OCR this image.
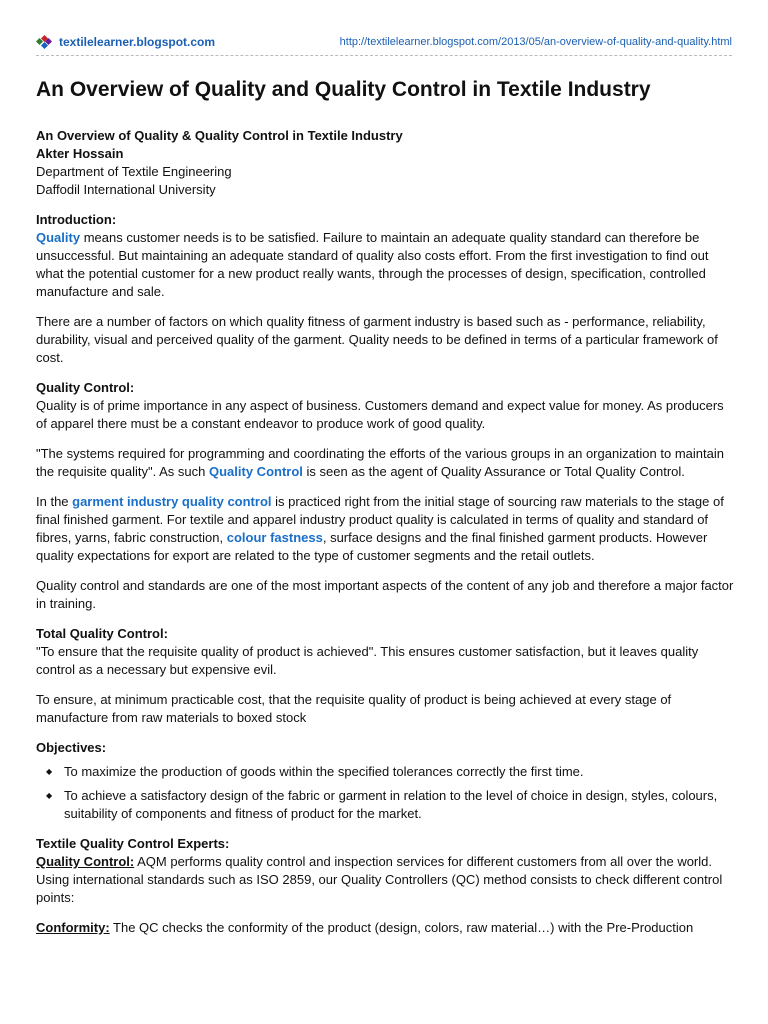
textilelearner.blogspot.com	http://textilelearner.blogspot.com/2013/05/an-overview-of-quality-and-quality.html
An Overview of Quality and Quality Control in Textile Industry

An Overview of Quality & Quality Control in Textile Industry
Akter Hossain
Department of Textile Engineering
Daffodil International University

Introduction:
Quality means customer needs is to be satisfied. Failure to maintain an adequate quality standard can therefore be unsuccessful. But maintaining an adequate standard of quality also costs effort. From the first investigation to find out what the potential customer for a new product really wants, through the processes of design, specification, controlled manufacture and sale.

There are a number of factors on which quality fitness of garment industry is based such as - performance, reliability, durability, visual and perceived quality of the garment. Quality needs to be defined in terms of a particular framework of cost.

Quality Control:
Quality is of prime importance in any aspect of business. Customers demand and expect value for money. As producers of apparel there must be a constant endeavor to produce work of good quality.

"The systems required for programming and coordinating the efforts of the various groups in an organization to maintain the requisite quality". As such Quality Control is seen as the agent of Quality Assurance or Total Quality Control.

In the garment industry quality control is practiced right from the initial stage of sourcing raw materials to the stage of final finished garment. For textile and apparel industry product quality is calculated in terms of quality and standard of fibres, yarns, fabric construction, colour fastness, surface designs and the final finished garment products. However quality expectations for export are related to the type of customer segments and the retail outlets.

Quality control and standards are one of the most important aspects of the content of any job and therefore a major factor in training.

Total Quality Control:
"To ensure that the requisite quality of product is achieved". This ensures customer satisfaction, but it leaves quality control as a necessary but expensive evil.

To ensure, at minimum practicable cost, that the requisite quality of product is being achieved at every stage of manufacture from raw materials to boxed stock

Objectives:

◆ To maximize the production of goods within the specified tolerances correctly the first time.
◆ To achieve a satisfactory design of the fabric or garment in relation to the level of choice in design, styles, colours, suitability of components and fitness of product for the market.

Textile Quality Control Experts:
Quality Control: AQM performs quality control and inspection services for different customers from all over the world. Using international standards such as ISO 2859, our Quality Controllers (QC) method consists to check different control points:

Conformity: The QC checks the conformity of the product (design, colors, raw material…) with the Pre-Production
